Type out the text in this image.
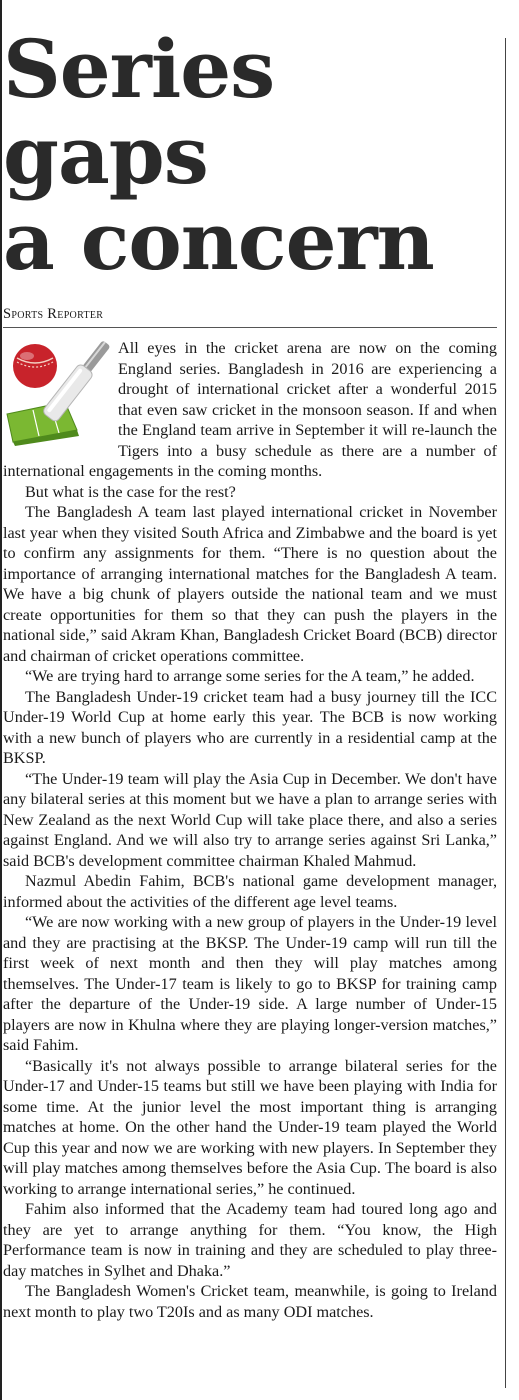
Series gaps
a concern
Sports Reporter

All eyes in the cricket arena are now on the coming England series. Bangladesh in 2016 are experiencing a drought of international cricket after a wonderful 2015 that even saw cricket in the monsoon season. If and when the England team arrive in September it will re-launch the Tigers into a busy schedule as there are a number of international engagements in the coming months.

But what is the case for the rest?

The Bangladesh A team last played international cricket in November last year when they visited South Africa and Zimbabwe and the board is yet to confirm any assignments for them. “There is no question about the importance of arranging international matches for the Bangladesh A team. We have a big chunk of players outside the national team and we must create opportunities for them so that they can push the players in the national side,” said Akram Khan, Bangladesh Cricket Board (BCB) director and chairman of cricket operations committee.

“We are trying hard to arrange some series for the A team,” he added.

The Bangladesh Under-19 cricket team had a busy journey till the ICC Under-19 World Cup at home early this year. The BCB is now working with a new bunch of players who are currently in a residential camp at the BKSP.

“The Under-19 team will play the Asia Cup in December. We don't have any bilateral series at this moment but we have a plan to arrange series with New Zealand as the next World Cup will take place there, and also a series against England. And we will also try to arrange series against Sri Lanka,” said BCB's development committee chairman Khaled Mahmud.

Nazmul Abedin Fahim, BCB's national game development manager, informed about the activities of the different age level teams.

“We are now working with a new group of players in the Under-19 level and they are practising at the BKSP. The Under-19 camp will run till the first week of next month and then they will play matches among themselves. The Under-17 team is likely to go to BKSP for training camp after the departure of the Under-19 side. A large number of Under-15 players are now in Khulna where they are playing longer-version matches,” said Fahim.

“Basically it's not always possible to arrange bilateral series for the Under-17 and Under-15 teams but still we have been playing with India for some time. At the junior level the most important thing is arranging matches at home. On the other hand the Under-19 team played the World Cup this year and now we are working with new players. In September they will play matches among themselves before the Asia Cup. The board is also working to arrange international series,” he continued.

Fahim also informed that the Academy team had toured long ago and they are yet to arrange anything for them. “You know, the High Performance team is now in training and they are scheduled to play three-day matches in Sylhet and Dhaka.”

The Bangladesh Women's Cricket team, meanwhile, is going to Ireland next month to play two T20Is and as many ODI matches.
